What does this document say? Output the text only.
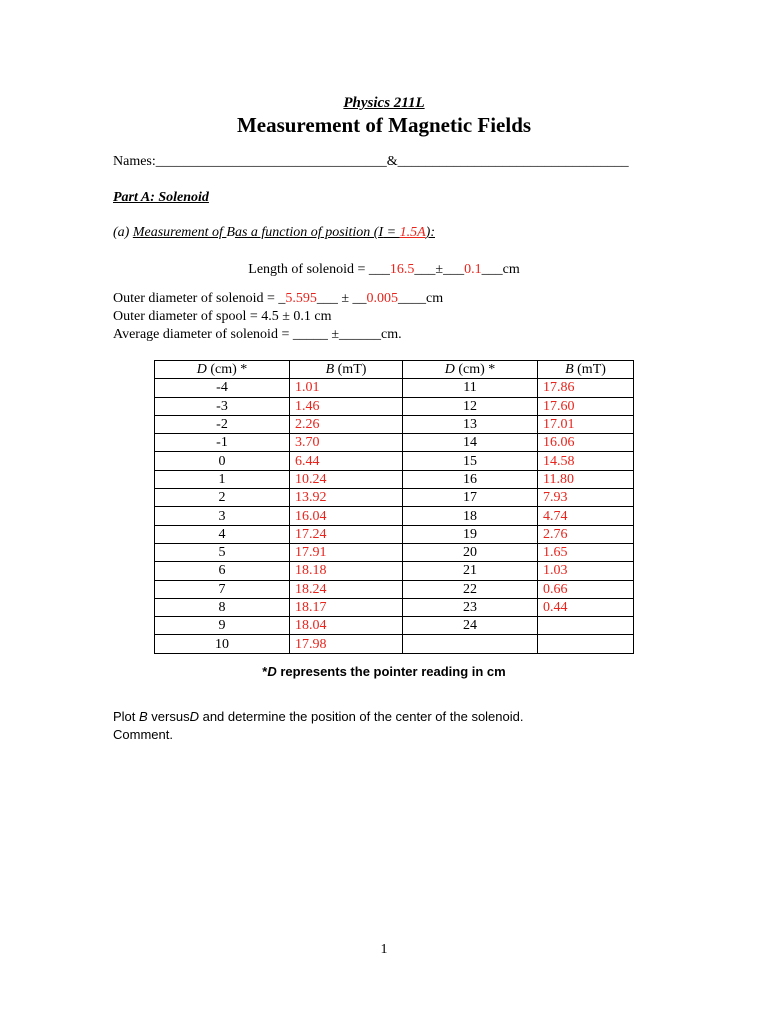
Physics 211L
Measurement of Magnetic Fields
Names:_________________________________&_________________________________
Part A: Solenoid
(a) Measurement of Bas a function of position (I = 1.5A):
Length of solenoid = ___16.5___±___0.1___cm
Outer diameter of solenoid = _5.595___ ± __0.005____cm
Outer diameter of spool = 4.5 ± 0.1 cm
Average diameter of solenoid = _____ ±______cm.
D (cm) *	B (mT)	D (cm) *	B (mT)
-4	1.01	11	17.86
-3	1.46	12	17.60
-2	2.26	13	17.01
-1	3.70	14	16.06
0	6.44	15	14.58
1	10.24	16	11.80
2	13.92	17	7.93
3	16.04	18	4.74
4	17.24	19	2.76
5	17.91	20	1.65
6	18.18	21	1.03
7	18.24	22	0.66
8	18.17	23	0.44
9	18.04	24	
10	17.98		
*D represents the pointer reading in cm
Plot B versusD and determine the position of the center of the solenoid.
Comment.
1
